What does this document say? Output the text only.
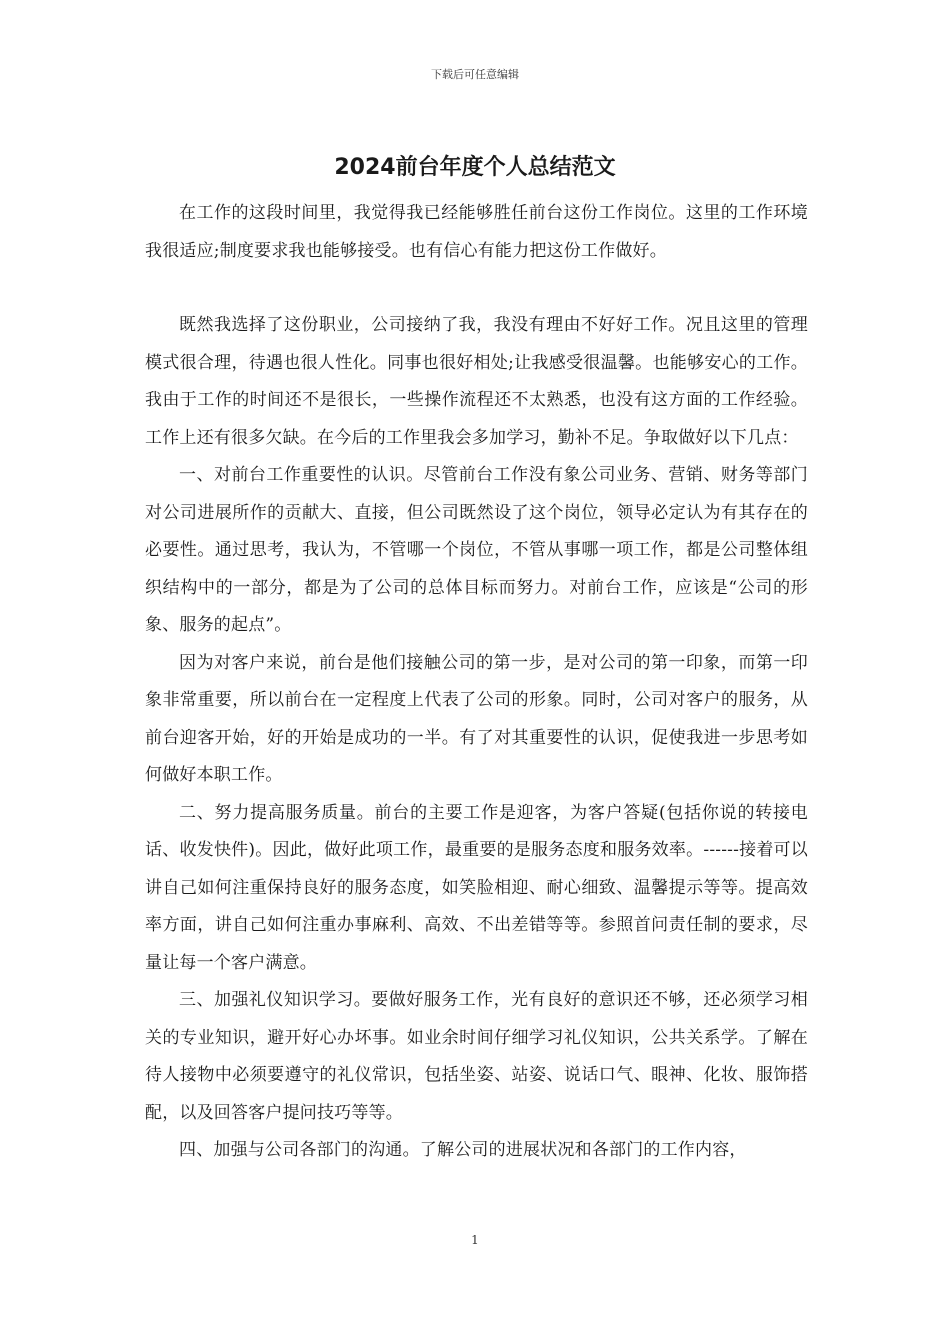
下载后可任意编辑
2024前台年度个人总结范文

在工作的这段时间里，我觉得我已经能够胜任前台这份工作岗位。这里的工作环境我很适应;制度要求我也能够接受。也有信心有能力把这份工作做好。

既然我选择了这份职业，公司接纳了我，我没有理由不好好工作。况且这里的管理模式很合理，待遇也很人性化。同事也很好相处;让我感受很温馨。也能够安心的工作。我由于工作的时间还不是很长，一些操作流程还不太熟悉，也没有这方面的工作经验。工作上还有很多欠缺。在今后的工作里我会多加学习，勤补不足。争取做好以下几点：

一、对前台工作重要性的认识。尽管前台工作没有象公司业务、营销、财务等部门对公司进展所作的贡献大、直接，但公司既然设了这个岗位，领导必定认为有其存在的必要性。通过思考，我认为，不管哪一个岗位，不管从事哪一项工作，都是公司整体组织结构中的一部分，都是为了公司的总体目标而努力。对前台工作，应该是“公司的形象、服务的起点”。

因为对客户来说，前台是他们接触公司的第一步，是对公司的第一印象，而第一印象非常重要，所以前台在一定程度上代表了公司的形象。同时，公司对客户的服务，从前台迎客开始，好的开始是成功的一半。有了对其重要性的认识，促使我进一步思考如何做好本职工作。

二、努力提高服务质量。前台的主要工作是迎客，为客户答疑(包括你说的转接电话、收发快件)。因此，做好此项工作，最重要的是服务态度和服务效率。------接着可以讲自己如何注重保持良好的服务态度，如笑脸相迎、耐心细致、温馨提示等等。提高效率方面，讲自己如何注重办事麻利、高效、不出差错等等。参照首问责任制的要求，尽量让每一个客户满意。

三、加强礼仪知识学习。要做好服务工作，光有良好的意识还不够，还必须学习相关的专业知识，避开好心办坏事。如业余时间仔细学习礼仪知识，公共关系学。了解在待人接物中必须要遵守的礼仪常识，包括坐姿、站姿、说话口气、眼神、化妆、服饰搭配，以及回答客户提问技巧等等。

四、加强与公司各部门的沟通。了解公司的进展状况和各部门的工作内容，

1
